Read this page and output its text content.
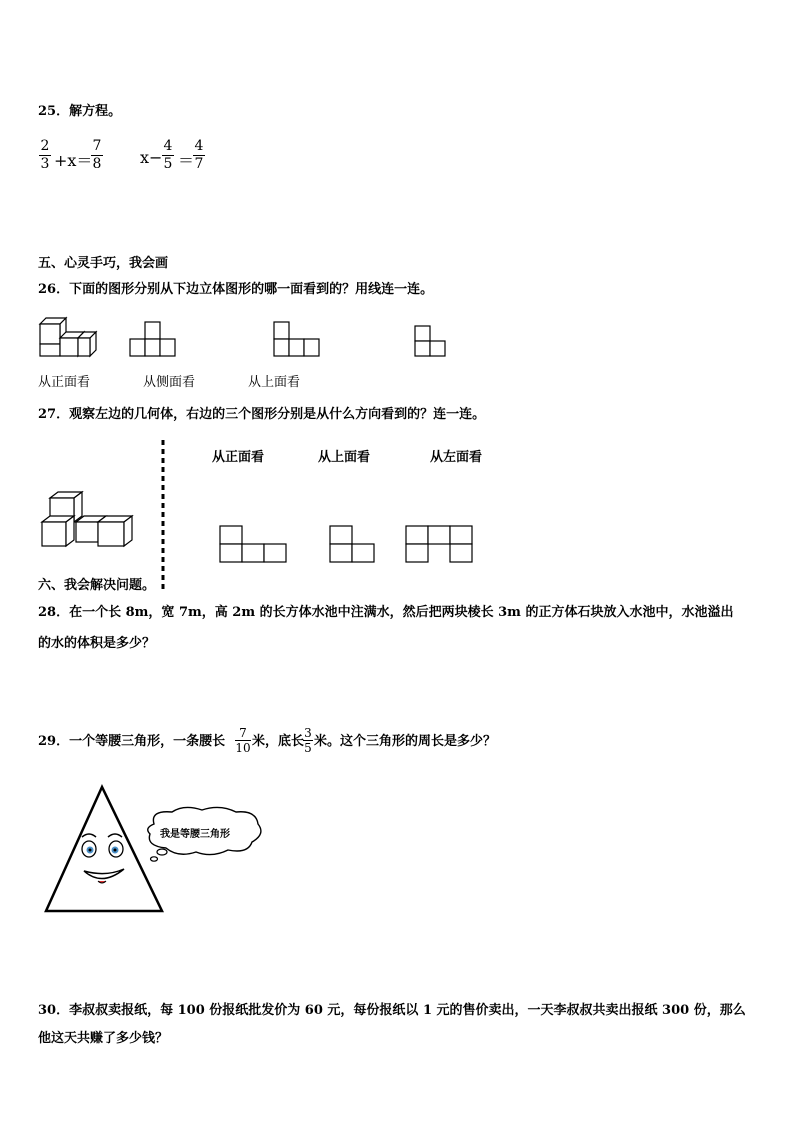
25．解方程。
2
3 +x＝
7
8 x−
4
5 ＝
4
7
五、心灵手巧，我会画
26．下面的图形分别从下边立体图形的哪一面看到的？用线连一连。
从正面看	从侧面看	从上面看
27．观察左边的几何体，右边的三个图形分别是从什么方向看到的？连一连。
从正面看	从上面看	从左面看
六、我会解决问题。
28．在一个长 8m，宽 7m，高 2m 的长方体水池中注满水，然后把两块棱长 3m 的正方体石块放入水池中，水池溢出
的水的体积是多少？
29．一个等腰三角形，一条腰长
7
10 米，底长
3
5 米。这个三角形的周长是多少？
我是等腰三角形
30．李叔叔卖报纸，每 100 份报纸批发价为 60 元，每份报纸以 1 元的售价卖出，一天李叔叔共卖出报纸 300 份，那么
他这天共赚了多少钱？
